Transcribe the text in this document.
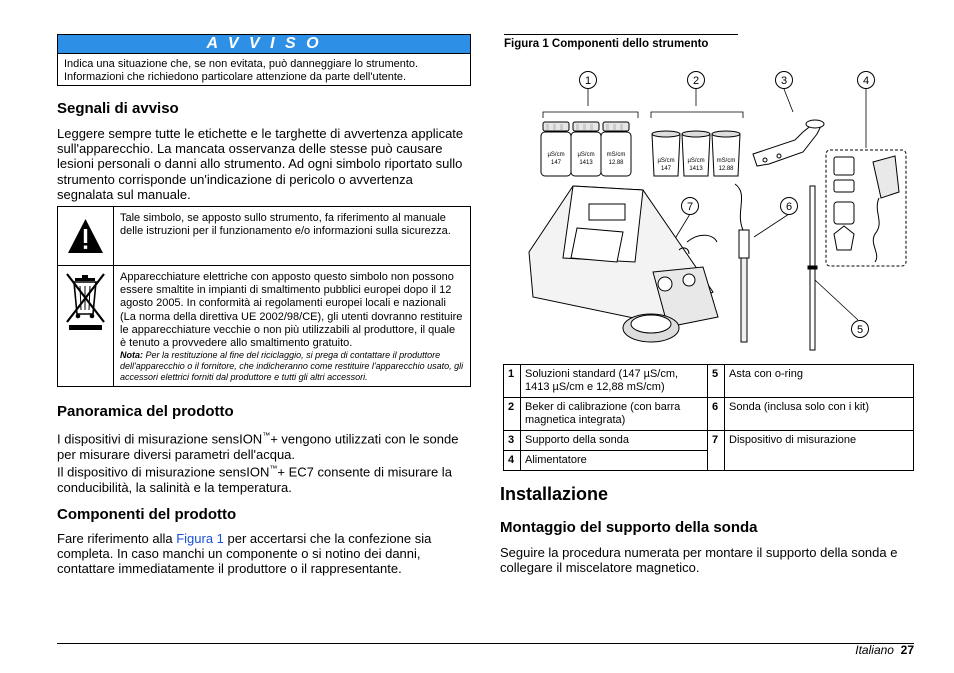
A V V I S O
Indica una situazione che, se non evitata, può danneggiare lo strumento. Informazioni che richiedono particolare attenzione da parte dell'utente.
Segnali di avviso

Leggere sempre tutte le etichette e le targhette di avvertenza applicate sull'apparecchio. La mancata osservanza delle stesse può causare lesioni personali o danni allo strumento. Ad ogni simbolo riportato sullo strumento corrisponde un'indicazione di pericolo o avvertenza segnalata sul manuale.

Tale simbolo, se apposto sullo strumento, fa riferimento al manuale delle istruzioni per il funzionamento e/o informazioni sulla sicurezza.
Apparecchiature elettriche con apposto questo simbolo non possono essere smaltite in impianti di smaltimento pubblici europei dopo il 12 agosto 2005. In conformità ai regolamenti europei locali e nazionali (La norma della direttiva UE 2002/98/CE), gli utenti dovranno restituire le apparecchiature vecchie o non più utilizzabili al produttore, il quale è tenuto a provvedere allo smaltimento gratuito.
Nota: Per la restituzione al fine del riciclaggio, si prega di contattare il produttore dell'apparecchio o il fornitore, che indicheranno come restituire l'apparecchio usato, gli accessori elettrici forniti dal produttore e tutti gli altri accessori.
Panoramica del prodotto

I dispositivi di misurazione sensION™+ vengono utilizzati con le sonde per misurare diversi parametri dell'acqua.

Il dispositivo di misurazione sensION™+ EC7 consente di misurare la conducibilità, la salinità e la temperatura.

Componenti del prodotto

Fare riferimento alla Figura 1 per accertarsi che la confezione sia completa. In caso manchi un componente o si notino dei danni, contattare immediatamente il produttore o il rappresentante.

Figura 1 Componenti dello strumento
µS/cm
147
µS/cm
1413
mS/cm
12.88	µS/cm
147
µS/cm
1413
mS/cm
12.88
1	2	3	4
7	6
5
1	Soluzioni standard (147 µS/cm, 1413 µS/cm e 12,88 mS/cm)	5	Asta con o-ring
2	Beker di calibrazione (con barra magnetica integrata)	6	Sonda (inclusa solo con i kit)
3	Supporto della sonda	7	Dispositivo di misurazione
4	Alimentatore		
Installazione
Montaggio del supporto della sonda

Seguire la procedura numerata per montare il supporto della sonda e collegare il miscelatore magnetico.

Italiano 27
